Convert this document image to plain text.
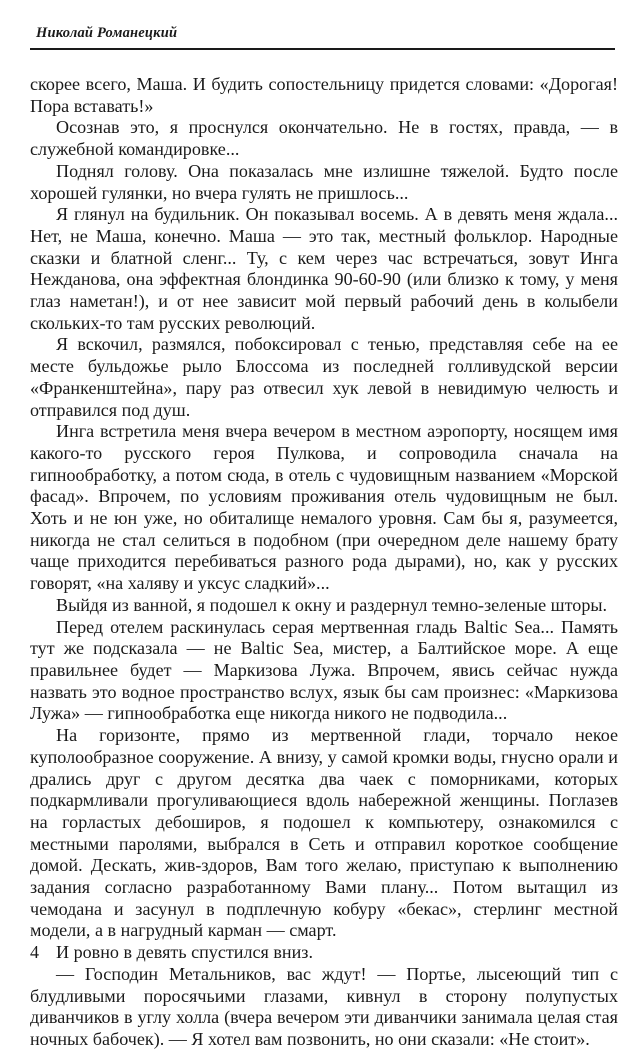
Николай Романецкий

скорее всего, Маша. И будить сопостельницу придется словами: «Дорогая! Пора вставать!»

Осознав это, я проснулся окончательно. Не в гостях, правда, — в служебной командировке...

Поднял голову. Она показалась мне излишне тяжелой. Будто после хорошей гулянки, но вчера гулять не пришлось...

Я глянул на будильник. Он показывал восемь. А в девять меня ждала... Нет, не Маша, конечно. Маша — это так, местный фольклор. Народные сказки и блатной сленг... Ту, с кем через час встречаться, зовут Инга Неждaнова, она эффектная блондинка 90-60-90 (или близко к тому, у меня глаз наметан!), и от нее зависит мой первый рабочий день в колыбели скольких-то там русских революций.

Я вскочил, размялся, побоксировал с тенью, представляя себе на ее месте бульдожье рыло Блоссома из последней голливудской версии «Франкенштейна», пару раз отвесил хук левой в невидимую челюсть и отправился под душ.

Инга встретила меня вчера вечером в местном аэропорту, носящем имя какого-то русского героя Пулкова, и сопроводила сначала на гипнообработку, а потом сюда, в отель с чудовищным названием «Морской фасад». Впрочем, по условиям проживания отель чудовищным не был. Хоть и не юн уже, но обиталище немалого уровня. Сам бы я, разумеется, никогда не стал селиться в подобном (при очередном деле нашему брату чаще приходится перебиваться разного рода дырами), но, как у русских говорят, «на халяву и уксус сладкий»...

Выйдя из ванной, я подошел к окну и раздернул темно-зеленые шторы.

Перед отелем раскинулась серая мертвенная гладь Baltic Sea... Память тут же подсказала — не Baltic Sea, мистер, а Балтийское море. А еще правильнее будет — Маркизова Лужа. Впрочем, явись сейчас нужда назвать это водное пространство вслух, язык бы сам произнес: «Маркизова Лужа» — гипнообработка еще никогда никого не подводила...

На горизонте, прямо из мертвенной глади, торчало некое куполообразное сооружение. А внизу, у самой кромки воды, гнусно орали и дрались друг с другом десятка два чаек с поморниками, которых подкармливали прогуливающиеся вдоль набережной женщины. Поглазев на горластых дебоширов, я подошел к компьютеру, ознакомился с местными паролями, выбрался в Сеть и отправил короткое сообщение домой. Дескать, жив-здоров, Вам того желаю, приступаю к выполнению задания согласно разработанному Вами плану... Потом вытащил из чемодана и засунул в подплечную кобуру «бекас», стерлинг местной модели, а в нагрудный карман — смарт.

И ровно в девять спустился вниз.

— Господин Метальников, вас ждут! — Портье, лысеющий тип с блудливыми поросячьими глазами, кивнул в сторону полупустых диванчиков в углу холла (вчера вечером эти диванчики занимала целая стая ночных бабочек). — Я хотел вам позвонить, но они сказали: «Не стоит».

4
